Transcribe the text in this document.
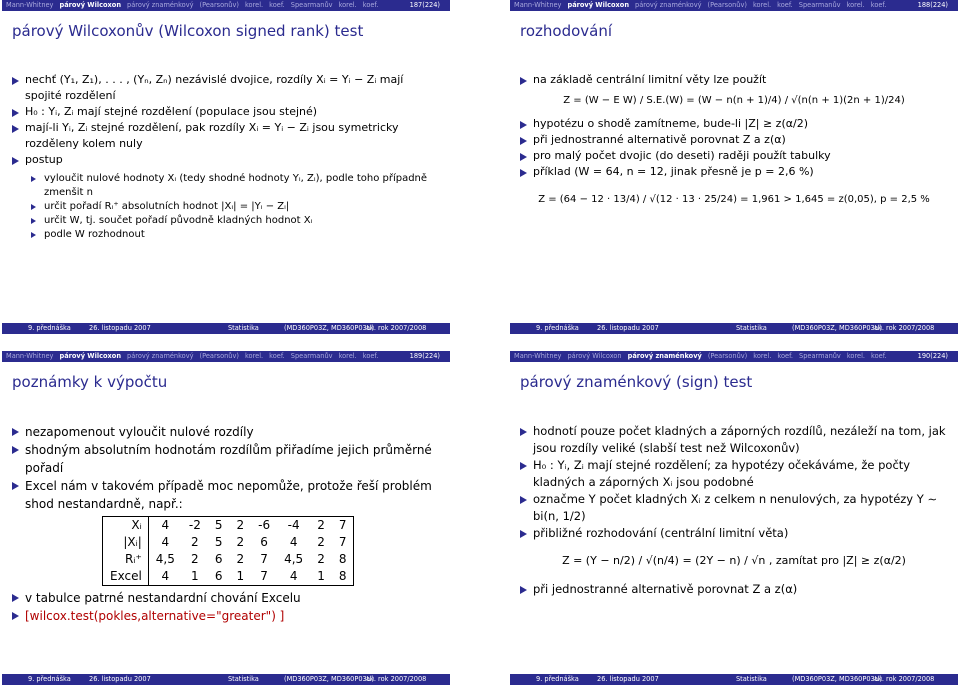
Mann-Whitney párový Wilcoxon párový znaménkový (Pearsonův) korel. koef. Spearmanův korel. koef.	187(224)
párový Wilcoxonův (Wilcoxon signed rank) test
nechť (Y₁, Z₁), . . . , (Yₙ, Zₙ) nezávislé dvojice, rozdíly Xᵢ = Yᵢ − Zᵢ mají spojité rozdělení
H₀ : Yᵢ, Zᵢ mají stejné rozdělení (populace jsou stejné)
mají-li Yᵢ, Zᵢ stejné rozdělení, pak rozdíly Xᵢ = Yᵢ − Zᵢ jsou symetricky rozděleny kolem nuly
postup
vyloučit nulové hodnoty Xᵢ (tedy shodné hodnoty Yᵢ, Zᵢ), podle toho případně zmenšit n
určit pořadí Rᵢ⁺ absolutních hodnot |Xᵢ| = |Yᵢ − Zᵢ|
určit W, tj. součet pořadí původně kladných hodnot Xᵢ
podle W rozhodnout
9. přednáška	26. listopadu 2007	Statistika	(MD360P03Z, MD360P03U)
ak. rok 2007/2008
Mann-Whitney párový Wilcoxon párový znaménkový (Pearsonův) korel. koef. Spearmanův korel. koef.	188(224)
rozhodování
na základě centrální limitní věty lze použít
Z = (W − E W) / S.E.(W) = (W − n(n + 1)/4) / √(n(n + 1)(2n + 1)/24)
hypotézu o shodě zamítneme, bude-li |Z| ≥ z(α/2)
při jednostranné alternativě porovnat Z a z(α)
pro malý počet dvojic (do deseti) raději použít tabulky
příklad (W = 64, n = 12, jinak přesně je p = 2,6 %)
Z = (64 − 12 · 13/4) / √(12 · 13 · 25/24) = 1,961 > 1,645 = z(0,05), p = 2,5 %
9. přednáška	26. listopadu 2007	Statistika	(MD360P03Z, MD360P03U)
ak. rok 2007/2008
Mann-Whitney párový Wilcoxon párový znaménkový (Pearsonův) korel. koef. Spearmanův korel. koef.	189(224)
poznámky k výpočtu
nezapomenout vyloučit nulové rozdíly
shodným absolutním hodnotám rozdílům přiřadíme jejich průměrné pořadí
Excel nám v takovém případě moc nepomůže, protože řeší problém shod nestandardně, např.:
Xᵢ	4	-2	5	2	-6	-4	2	7
|Xᵢ|	4	2	5	2	6	4	2	7
Rᵢ⁺	4,5	2	6	2	7	4,5	2	8
Excel	4	1	6	1	7	4	1	8
v tabulce patrné nestandardní chování Excelu
[wilcox.test(pokles,alternative="greater") ]
9. přednáška	26. listopadu 2007	Statistika	(MD360P03Z, MD360P03U)
ak. rok 2007/2008
Mann-Whitney párový Wilcoxon párový znaménkový (Pearsonův) korel. koef. Spearmanův korel. koef.	190(224)
párový znaménkový (sign) test
hodnotí pouze počet kladných a záporných rozdílů, nezáleží na tom, jak jsou rozdíly veliké (slabší test než Wilcoxonův)
H₀ : Yᵢ, Zᵢ mají stejné rozdělení; za hypotézy očekáváme, že počty kladných a záporných Xᵢ jsou podobné
označme Y počet kladných Xᵢ z celkem n nenulových, za hypotézy Y ∼ bi(n, 1/2)
přibližné rozhodování (centrální limitní věta)
Z = (Y − n/2) / √(n/4) = (2Y − n) / √n , zamítat pro |Z| ≥ z(α/2)
při jednostranné alternativě porovnat Z a z(α)
9. přednáška	26. listopadu 2007	Statistika	(MD360P03Z, MD360P03U)
ak. rok 2007/2008
